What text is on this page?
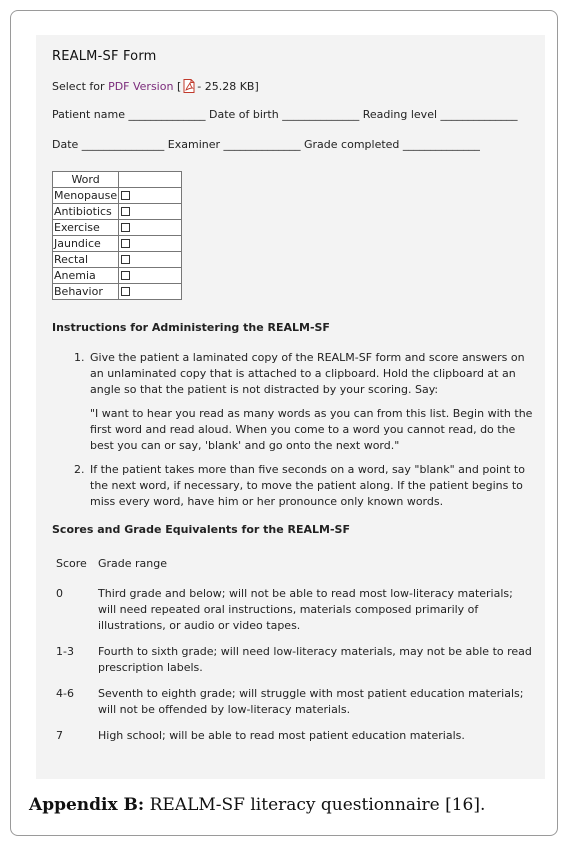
REALM-SF Form
Select for PDF Version [ - 25.28 KB]
Patient name ______________ Date of birth ______________ Reading level ______________
Date _______________ Examiner ______________ Grade completed ______________
Word	
Menopause	
Antibiotics	
Exercise	
Jaundice	
Rectal	
Anemia	
Behavior	
Instructions for Administering the REALM-SF

1. Give the patient a laminated copy of the REALM-SF form and score answers on an unlaminated copy that is attached to a clipboard. Hold the clipboard at an angle so that the patient is not distracted by your scoring. Say:

"I want to hear you read as many words as you can from this list. Begin with the first word and read aloud. When you come to a word you cannot read, do the best you can or say, 'blank' and go onto the next word."

2. If the patient takes more than five seconds on a word, say "blank" and point to the next word, if necessary, to move the patient along. If the patient begins to miss every word, have him or her pronounce only known words.
Scores and Grade Equivalents for the REALM-SF
Score	Grade range
0	Third grade and below; will not be able to read most low-literacy materials; will need repeated oral instructions, materials composed primarily of illustrations, or audio or video tapes.
1-3	Fourth to sixth grade; will need low-literacy materials, may not be able to read prescription labels.
4-6	Seventh to eighth grade; will struggle with most patient education materials; will not be offended by low-literacy materials.
7	High school; will be able to read most patient education materials.
Appendix B: REALM-SF literacy questionnaire [16].
